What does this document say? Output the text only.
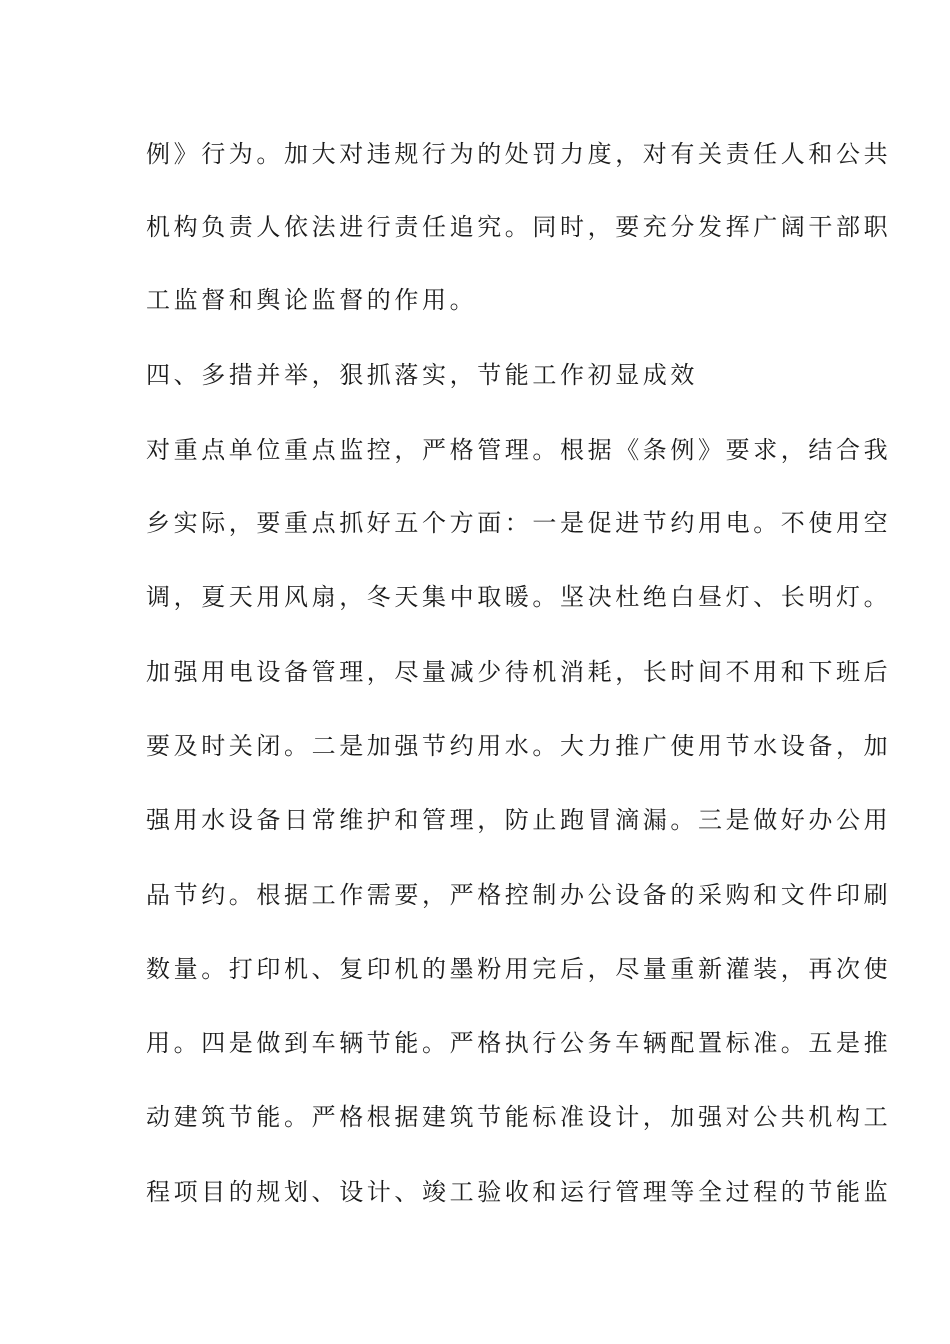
例》行为。加大对违规行为的处罚力度，对有关责任人和公共
机构负责人依法进行责任追究。同时，要充分发挥广阔干部职
工监督和舆论监督的作用。
四、多措并举，狠抓落实，节能工作初显成效
对重点单位重点监控，严格管理。根据《条例》要求，结合我
乡实际，要重点抓好五个方面：一是促进节约用电。不使用空
调，夏天用风扇，冬天集中取暖。坚决杜绝白昼灯、长明灯。
加强用电设备管理，尽量减少待机消耗，长时间不用和下班后
要及时关闭。二是加强节约用水。大力推广使用节水设备，加
强用水设备日常维护和管理，防止跑冒滴漏。三是做好办公用
品节约。根据工作需要，严格控制办公设备的采购和文件印刷
数量。打印机、复印机的墨粉用完后，尽量重新灌装，再次使
用。四是做到车辆节能。严格执行公务车辆配置标准。五是推
动建筑节能。严格根据建筑节能标准设计，加强对公共机构工
程项目的规划、设计、竣工验收和运行管理等全过程的节能监
